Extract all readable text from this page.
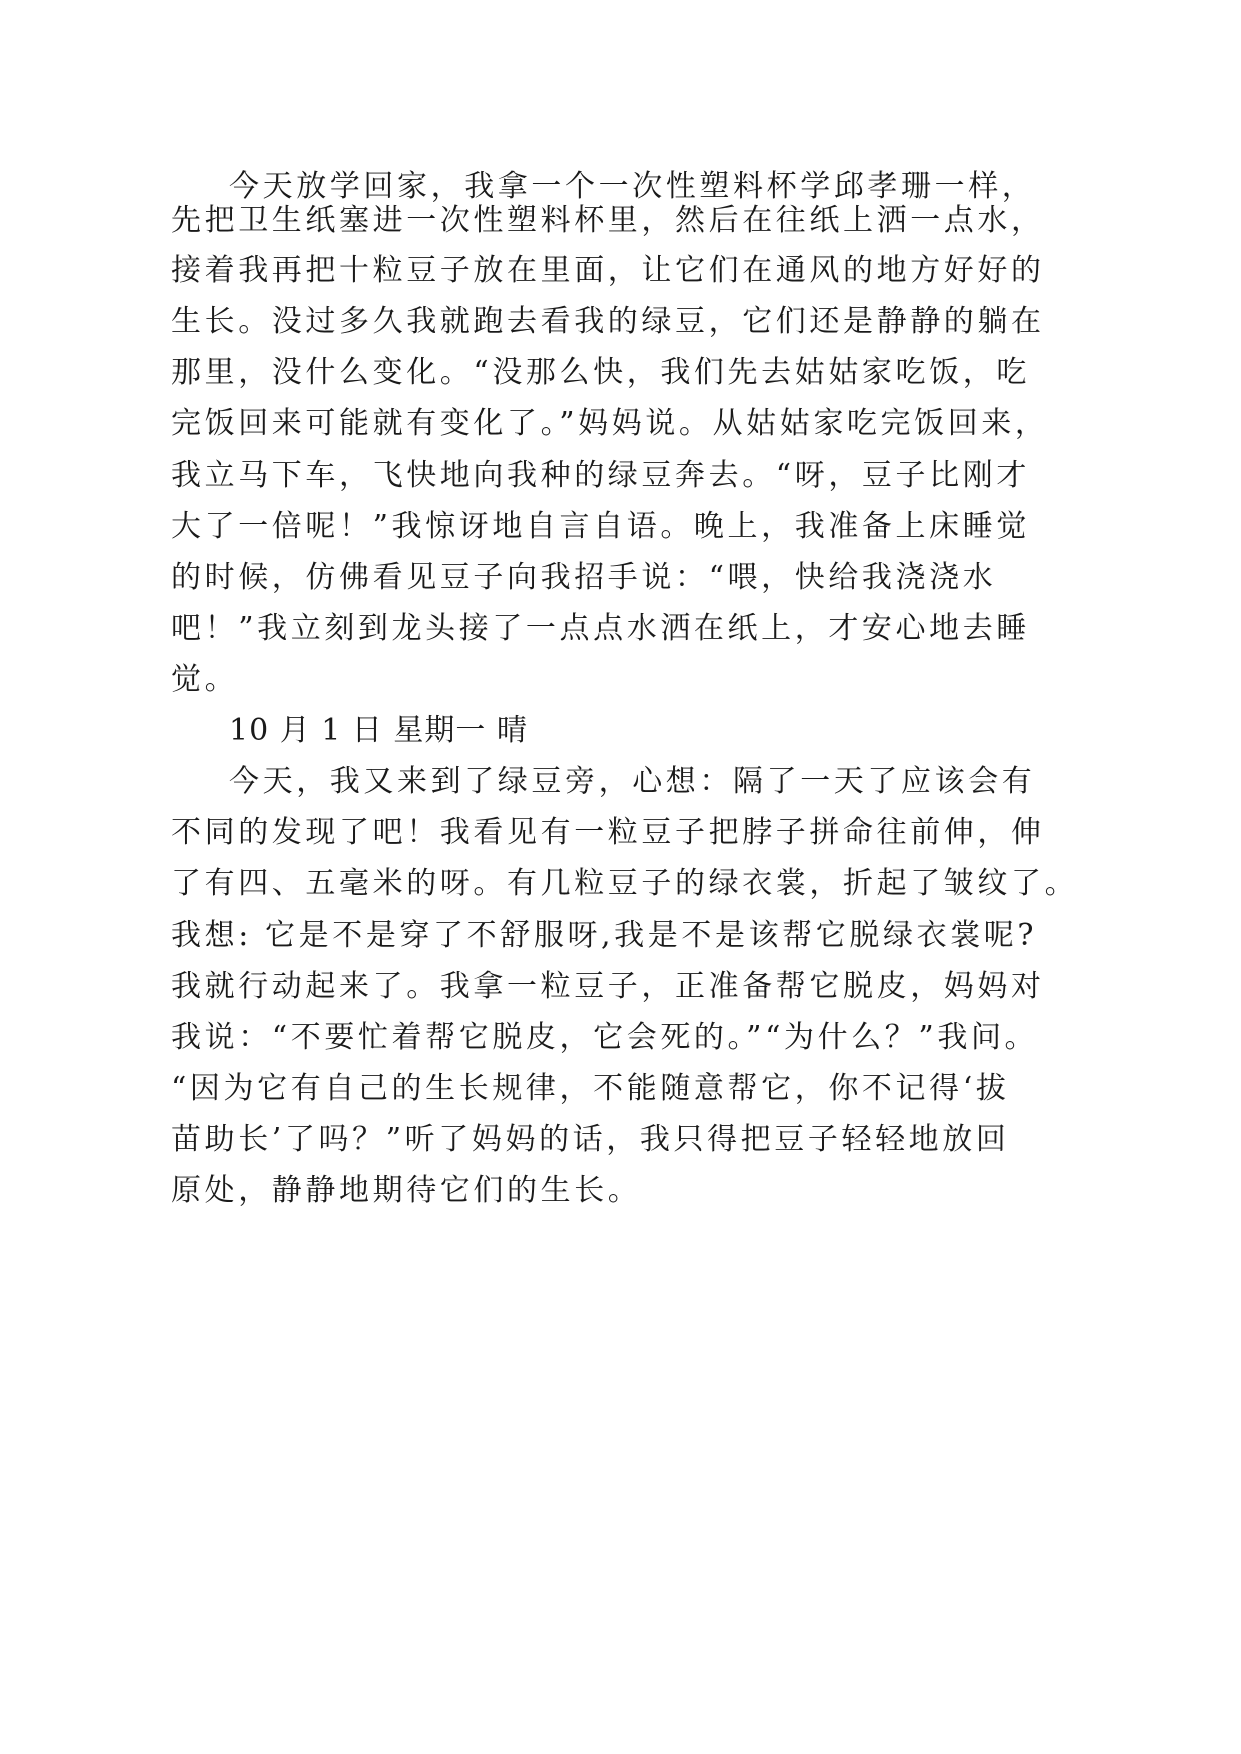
今天放学回家，我拿一个一次性塑料杯学邱孝珊一样，
先把卫生纸塞进一次性塑料杯里，然后在往纸上洒一点水，
接着我再把十粒豆子放在里面，让它们在通风的地方好好的
生长。没过多久我就跑去看我的绿豆，它们还是静静的躺在
那里，没什么变化。“没那么快，我们先去姑姑家吃饭，吃
完饭回来可能就有变化了。”妈妈说。从姑姑家吃完饭回来，
我立马下车，飞快地向我种的绿豆奔去。“呀，豆子比刚才
大了一倍呢！”我惊讶地自言自语。晚上，我准备上床睡觉
的时候，仿佛看见豆子向我招手说：“喂，快给我浇浇水
吧！”我立刻到龙头接了一点点水洒在纸上，才安心地去睡
觉。
10 月 1 日 星期一 晴
今天，我又来到了绿豆旁，心想：隔了一天了应该会有
不同的发现了吧！我看见有一粒豆子把脖子拼命往前伸，伸
了有四、五毫米的呀。有几粒豆子的绿衣裳，折起了皱纹了。
我想: 它是不是穿了不舒服呀,我是不是该帮它脱绿衣裳呢?
我就行动起来了。我拿一粒豆子，正准备帮它脱皮，妈妈对
我说：“不要忙着帮它脱皮，它会死的。”“为什么？”我问。
“因为它有自己的生长规律，不能随意帮它，你不记得‘拔
苗助长’了吗？”听了妈妈的话，我只得把豆子轻轻地放回
原处，静静地期待它们的生长。
